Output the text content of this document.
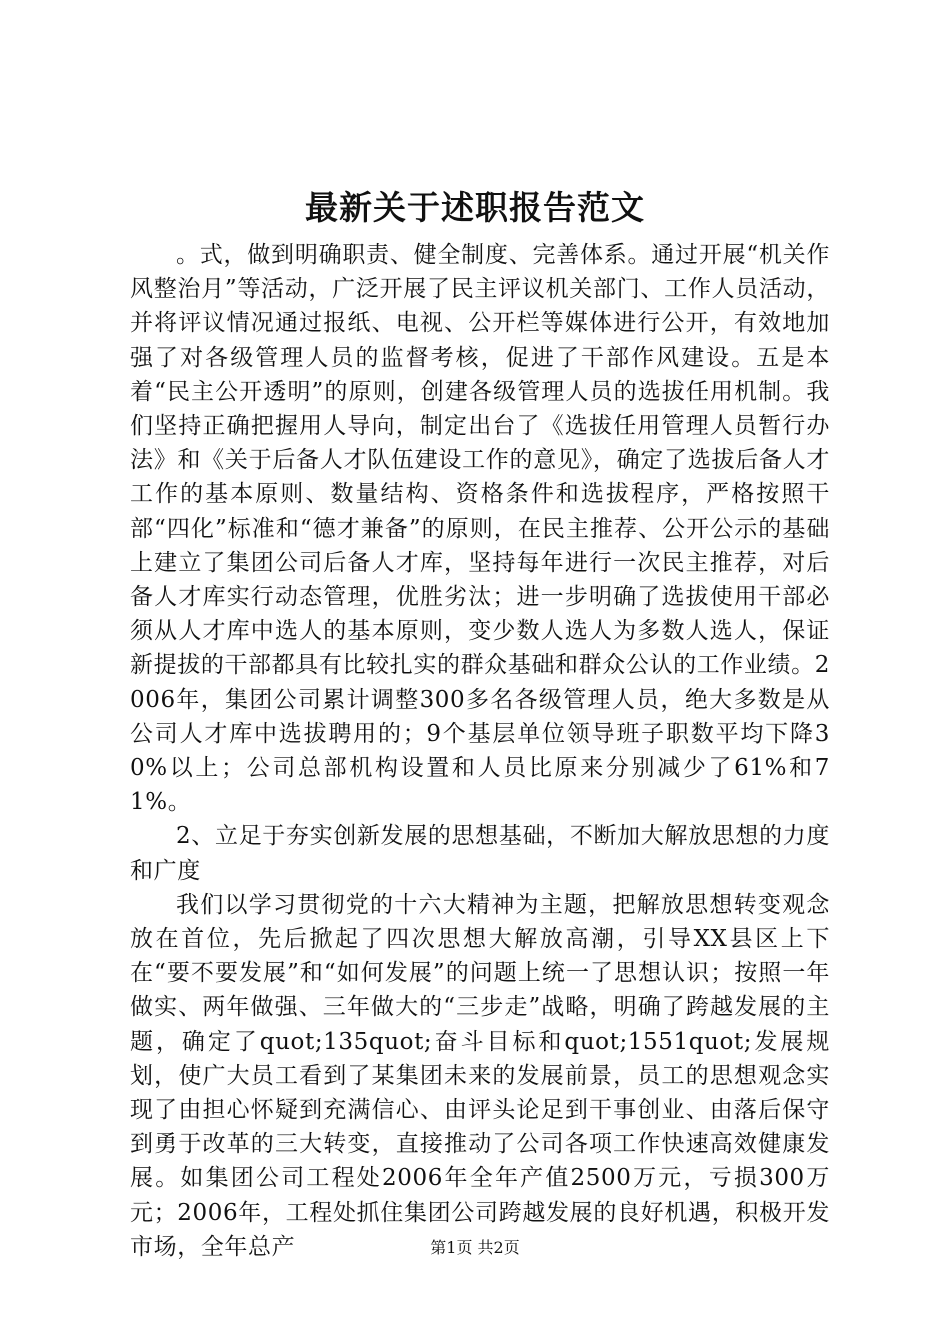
最新关于述职报告范文

。式，做到明确职责、健全制度、完善体系。通过开展“机关作风整治月”等活动，广泛开展了民主评议机关部门、工作人员活动，并将评议情况通过报纸、电视、公开栏等媒体进行公开，有效地加强了对各级管理人员的监督考核，促进了干部作风建设。五是本着“民主公开透明”的原则，创建各级管理人员的选拔任用机制。我们坚持正确把握用人导向，制定出台了《选拔任用管理人员暂行办法》和《关于后备人才队伍建设工作的意见》，确定了选拔后备人才工作的基本原则、数量结构、资格条件和选拔程序，严格按照干部“四化”标准和“德才兼备”的原则，在民主推荐、公开公示的基础上建立了集团公司后备人才库，坚持每年进行一次民主推荐，对后备人才库实行动态管理，优胜劣汰；进一步明确了选拔使用干部必须从人才库中选人的基本原则，变少数人选人为多数人选人，保证新提拔的干部都具有比较扎实的群众基础和群众公认的工作业绩。2006年，集团公司累计调整300多名各级管理人员，绝大多数是从公司人才库中选拔聘用的；9个基层单位领导班子职数平均下降30%以上；公司总部机构设置和人员比原来分别减少了61%和71%。

2、立足于夯实创新发展的思想基础，不断加大解放思想的力度和广度

我们以学习贯彻党的十六大精神为主题，把解放思想转变观念放在首位，先后掀起了四次思想大解放高潮，引导XX县区上下在“要不要发展”和“如何发展”的问题上统一了思想认识；按照一年做实、两年做强、三年做大的“三步走”战略，明确了跨越发展的主题，确定了quot;135quot;奋斗目标和quot;1551quot;发展规划，使广大员工看到了某集团未来的发展前景，员工的思想观念实现了由担心怀疑到充满信心、由评头论足到干事创业、由落后保守到勇于改革的三大转变，直接推动了公司各项工作快速高效健康发展。如集团公司工程处2006年全年产值2500万元，亏损300万元；2006年，工程处抓住集团公司跨越发展的良好机遇，积极开发市场，全年总产	第1页 共2页
